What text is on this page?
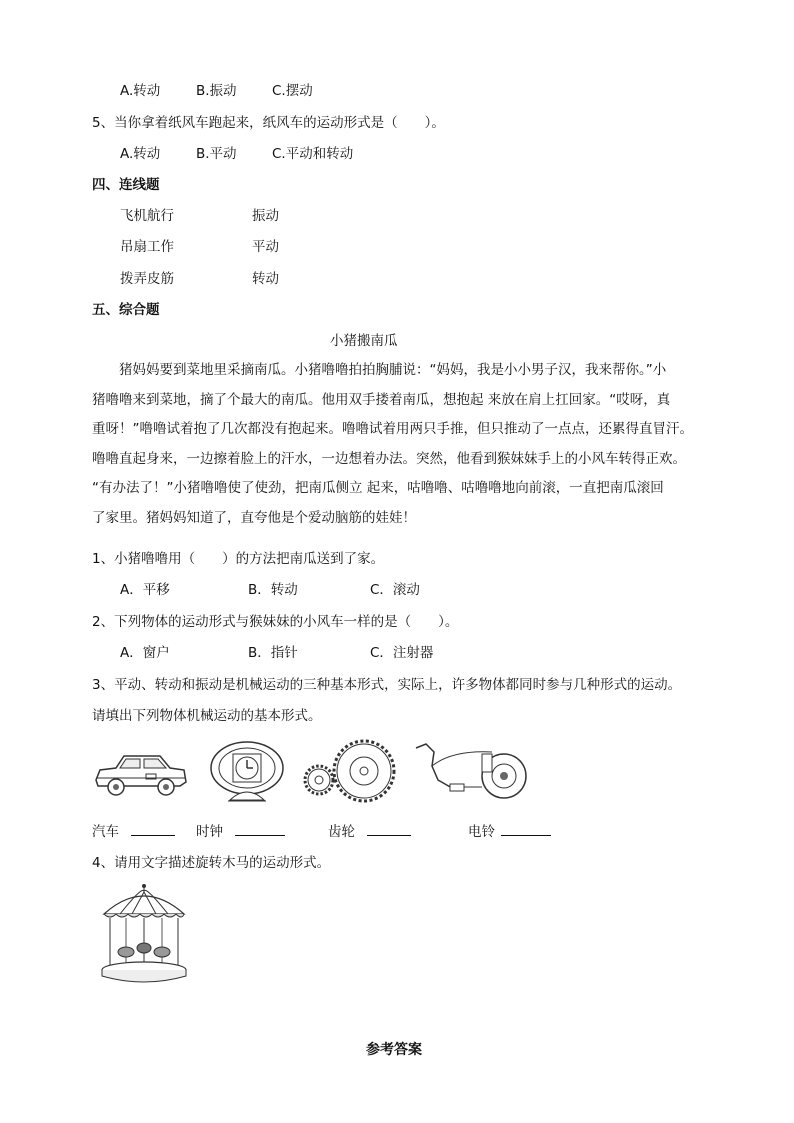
A.转动	B.振动	C.摆动
5、当你拿着纸风车跑起来，纸风车的运动形式是（　　）。
A.转动	B.平动	C.平动和转动
四、连线题
飞机航行	振动
吊扇工作	平动
拨弄皮筋	转动
五、综合题
小猪搬南瓜

　　猪妈妈要到菜地里采摘南瓜。小猪噜噜拍拍胸脯说：“妈妈，我是小小男子汉，我来帮你。”小

猪噜噜来到菜地，摘了个最大的南瓜。他用双手搂着南瓜，想抱起 来放在肩上扛回家。“哎呀，真

重呀！”噜噜试着抱了几次都没有抱起来。噜噜试着用两只手推，但只推动了一点点，还累得直冒汗。

噜噜直起身来，一边擦着脸上的汗水，一边想着办法。突然，他看到猴妹妹手上的小风车转得正欢。

“有办法了！”小猪噜噜使了使劲，把南瓜侧立 起来，咕噜噜、咕噜噜地向前滚，一直把南瓜滚回

了家里。猪妈妈知道了，直夸他是个爱动脑筋的娃娃！

1、小猪噜噜用（　　）的方法把南瓜送到了家。
A．平移	B．转动	C．滚动
2、下列物体的运动形式与猴妹妹的小风车一样的是（　　）。
A．窗户	B．指针	C．注射器
3、平动、转动和振动是机械运动的三种基本形式，实际上，许多物体都同时参与几种形式的运动。
请填出下列物体机械运动的基本形式。
汽车	时钟	齿轮	电铃
4、请用文字描述旋转木马的运动形式。
参考答案
